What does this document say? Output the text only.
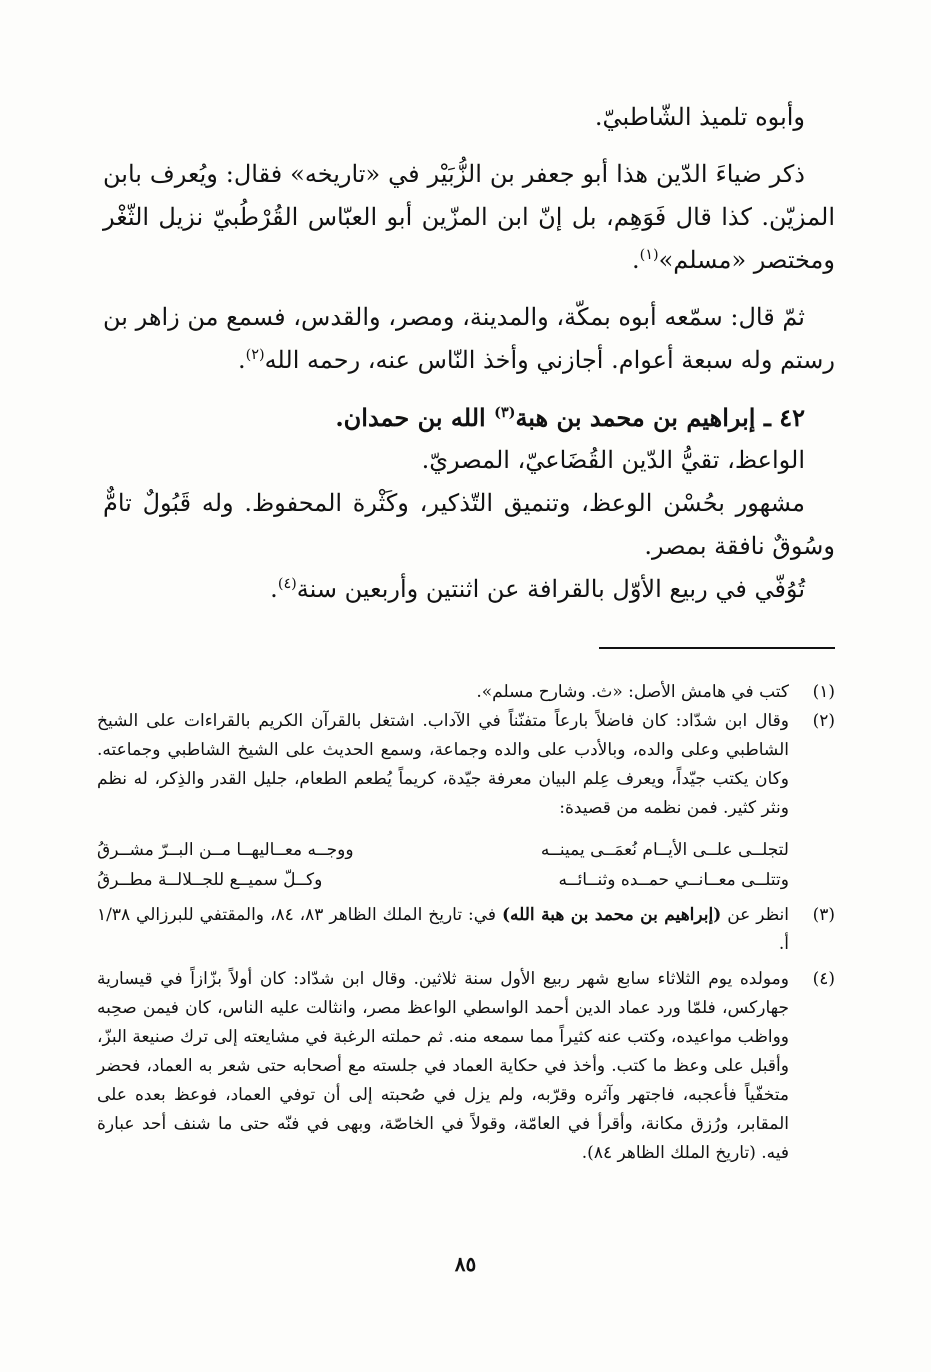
وأبوه تلميذ الشّاطبيّ.

ذكر ضياءَ الدّين هذا أبو جعفر بن الزُّبَيْر في «تاريخه» فقال: ويُعرف بابن المزيّن. كذا قال فَوَهِم، بل إنّ ابن المزّين أبو العبّاس القُرْطُبيّ نزيل الثّغْر ومختصر «مسلم»$^{(١)}$.

ثمّ قال: سمّعه أبوه بمكّة، والمدينة، ومصر، والقدس، فسمع من زاهر بن رستم وله سبعة أعوام. أجازني وأخذ النّاس عنه، رحمه الله$^{(٢)}$.

٤٢ ـ إبراهيم بن محمد بن هبة$^{(٣)}$ الله بن حمدان.

الواعظ، تقيُّ الدّين القُضَاعيّ، المصريّ.

مشهور بحُسْن الوعظ، وتنميق التّذكير، وكَثْرة المحفوظ. وله قَبُولٌ تامٌّ وسُوقٌ نافقة بمصر.

تُوُفّي في ربيع الأوّل بالقرافة عن اثنتين وأربعين سنة$^{(٤)}$.

(١)
كتب في هامش الأصل: «ث. وشارح مسلم».
(٢)
وقال ابن شدّاد: كان فاضلاً بارعاً متفنّناً في الآداب. اشتغل بالقرآن الكريم بالقراءات على الشيخ الشاطبي وعلى والده، وبالأدب على والده وجماعة، وسمع الحديث على الشيخ الشاطبي وجماعته. وكان يكتب جيّداً، ويعرف عِلم البيان معرفة جيّدة، كريماً يُطعم الطعام، جليل القدر والذِكر، له نظم ونثر كثير. فمن نظمه من قصيدة:
لتجلــى علــى الأيــام نُعمَــى يمينــه
ووجــه معــاليهــا مــن البــرّ مشــرقُ
وتتلــى معــانــي حمــده وثنــائــه
وكــلّ سميــع للجــلالــة مطــرقُ
(٣)
انظر عن (إبراهيم بن محمد بن هبة الله) في: تاريخ الملك الظاهر ٨٣، ٨٤، والمقتفي للبرزالي ١/٣٨ أ.
(٤)
ومولده يوم الثلاثاء سابع شهر ربيع الأول سنة ثلاثين. وقال ابن شدّاد: كان أولاً بزّازاً في قيسارية جهاركس، فلمّا ورد عماد الدين أحمد الواسطي الواعظ مصر، وانثالت عليه الناس، كان فيمن صحِبه وواظب مواعيده، وكتب عنه كثيراً مما سمعه منه. ثم حملته الرغبة في مشايعته إلى ترك صنيعة البزّ، وأقبل على وعظ ما كتب. وأخذ في حكاية العماد في جلسته مع أصحابه حتى شعر به العماد، فحضر متخفّياً فأعجبه، فاجتهر وآثره وقرّبه، ولم يزل في صُحبته إلى أن توفي العماد، فوعظ بعده على المقابر، ورُزق مكانة، وأقرأ في العامّة، وقولاً في الخاصّة، وبهى في فنّه حتى ما شنف أحد عبارة فيه. (تاريخ الملك الظاهر ٨٤).
٨٥
